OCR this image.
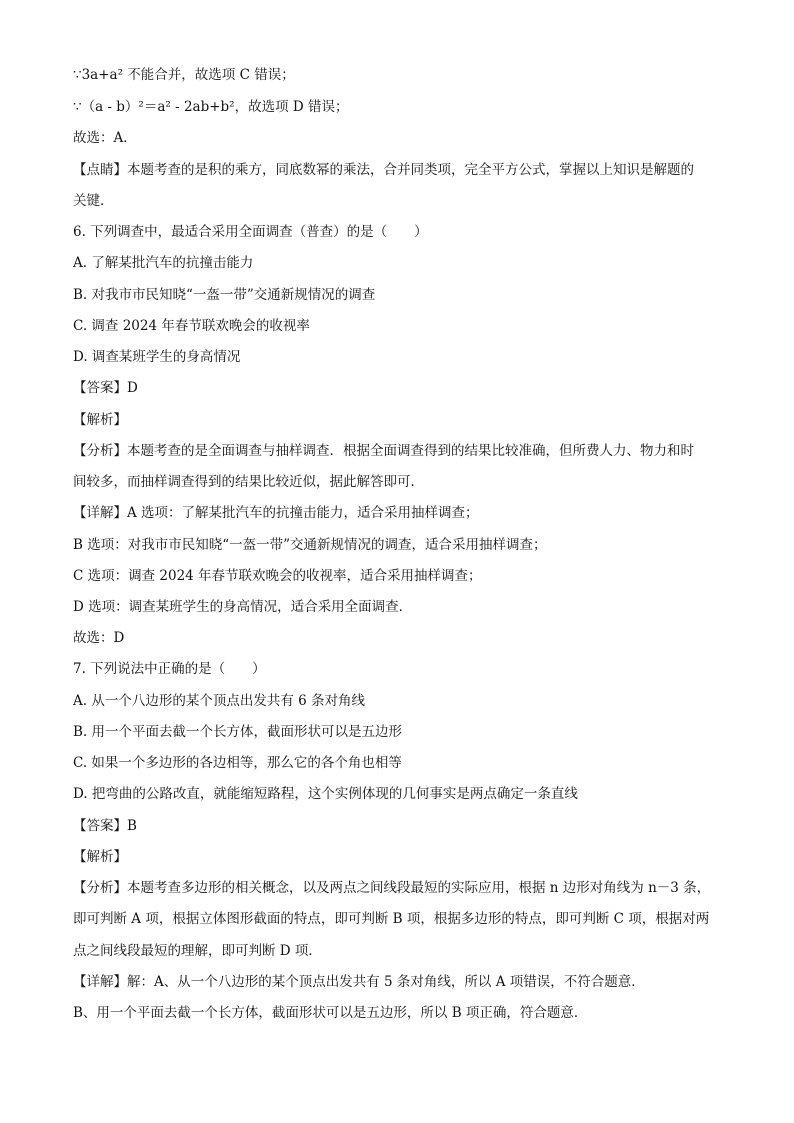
∵3a+a² 不能合并，故选项 C 错误；
∵（a - b）²＝a² - 2ab+b²，故选项 D 错误；
故选：A．
【点睛】本题考查的是积的乘方，同底数幂的乘法，合并同类项，完全平方公式，掌握以上知识是解题的
关键．
6. 下列调查中，最适合采用全面调查（普查）的是（　　）
A. 了解某批汽车的抗撞击能力
B. 对我市市民知晓“一盔一带”交通新规情况的调查
C. 调查 2024 年春节联欢晚会的收视率
D. 调查某班学生的身高情况
【答案】D
【解析】
【分析】本题考查的是全面调查与抽样调查．根据全面调查得到的结果比较准确，但所费人力、物力和时
间较多，而抽样调查得到的结果比较近似，据此解答即可．
【详解】A 选项：了解某批汽车的抗撞击能力，适合采用抽样调查；
B 选项：对我市市民知晓“一盔一带”交通新规情况的调查，适合采用抽样调查；
C 选项：调查 2024 年春节联欢晚会的收视率，适合采用抽样调查；
D 选项：调查某班学生的身高情况，适合采用全面调查．
故选：D
7. 下列说法中正确的是（　　）
A. 从一个八边形的某个顶点出发共有 6 条对角线
B. 用一个平面去截一个长方体，截面形状可以是五边形
C. 如果一个多边形的各边相等，那么它的各个角也相等
D. 把弯曲的公路改直，就能缩短路程，这个实例体现的几何事实是两点确定一条直线
【答案】B
【解析】
【分析】本题考查多边形的相关概念，以及两点之间线段最短的实际应用，根据 n 边形对角线为 n－3 条，
即可判断 A 项，根据立体图形截面的特点，即可判断 B 项，根据多边形的特点，即可判断 C 项，根据对两
点之间线段最短的理解，即可判断 D 项．
【详解】解：A、从一个八边形的某个顶点出发共有 5 条对角线，所以 A 项错误，不符合题意．
B、用一个平面去截一个长方体，截面形状可以是五边形，所以 B 项正确，符合题意．
